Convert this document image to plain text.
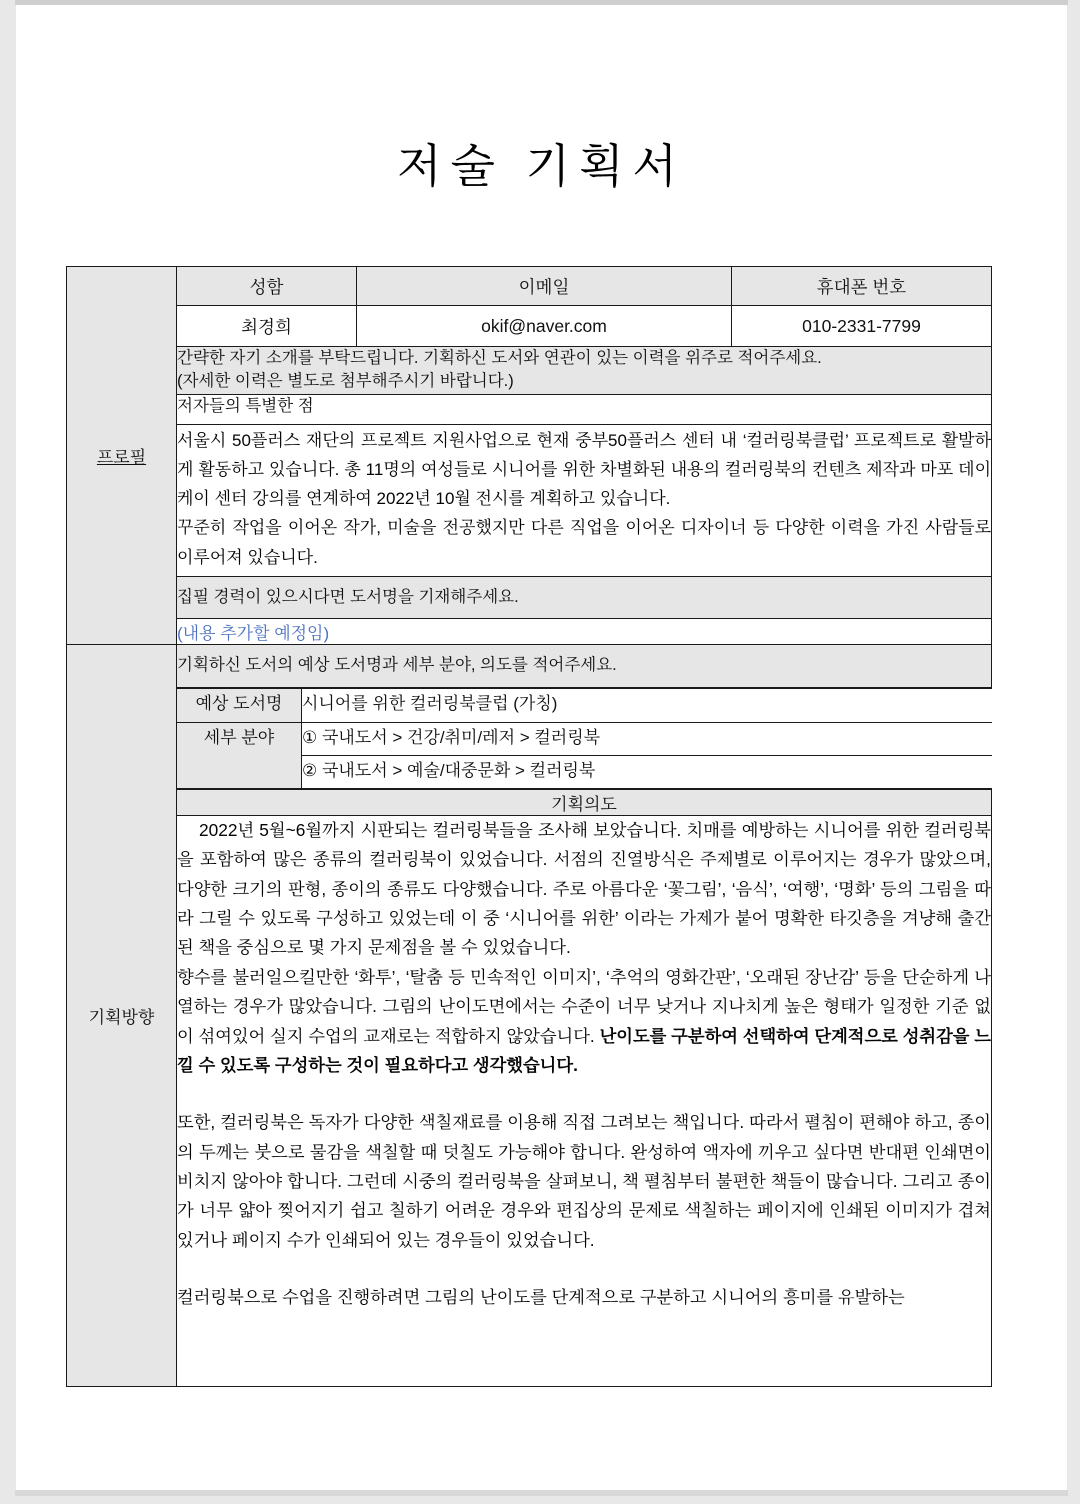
저술 기획서
프로필	성함	이메일	휴대폰 번호
최경희	okif@naver.com	010-2331-7799

간략한 자기 소개를 부탁드립니다. 기획하신 도서와 연관이 있는 이력을 위주로 적어주세요.
(자세한 이력은 별도로 첨부해주시기 바랍니다.)

저자들의 특별한 점

서울시 50플러스 재단의 프로젝트 지원사업으로 현재 중부50플러스 센터 내 ‘컬러링북클럽’ 프로젝트로 활발하게 활동하고 있습니다. 총 11명의 여성들로 시니어를 위한 차별화된 내용의 컬러링북의 컨텐츠 제작과 마포 데이케이 센터 강의를 연계하여 2022년 10월 전시를 계획하고 있습니다.

꾸준히 작업을 이어온 작가, 미술을 전공했지만 다른 직업을 이어온 디자이너 등 다양한 이력을 가진 사람들로 이루어져 있습니다.

집필 경력이 있으시다면 도서명을 기재해주세요.
(내용 추가할 예정임)
기획방향	기획하신 도서의 예상 도서명과 세부 분야, 의도를 적어주세요.

예상 도서명	시니어를 위한 컬러링북클럽 (가칭)
세부 분야	① 국내도서 > 건강/취미/레저 > 컬러링북
② 국내도서 > 예술/대중문화 > 컬러링북

기획의도

2022년 5월~6월까지 시판되는 컬러링북들을 조사해 보았습니다. 치매를 예방하는 시니어를 위한 컬러링북을 포함하여 많은 종류의 컬러링북이 있었습니다. 서점의 진열방식은 주제별로 이루어지는 경우가 많았으며, 다양한 크기의 판형, 종이의 종류도 다양했습니다. 주로 아름다운 ‘꽃그림’, ‘음식’, ‘여행’, ‘명화’ 등의 그림을 따라 그릴 수 있도록 구성하고 있었는데 이 중 ‘시니어를 위한’ 이라는 가제가 붙어 명확한 타깃층을 겨냥해 출간된 책을 중심으로 몇 가지 문제점을 볼 수 있었습니다.

향수를 불러일으킬만한 ‘화투’, ‘탈춤 등 민속적인 이미지’, ‘추억의 영화간판’, ‘오래된 장난감’ 등을 단순하게 나열하는 경우가 많았습니다. 그림의 난이도면에서는 수준이 너무 낮거나 지나치게 높은 형태가 일정한 기준 없이 섞여있어 실지 수업의 교재로는 적합하지 않았습니다. 난이도를 구분하여 선택하여 단계적으로 성취감을 느낄 수 있도록 구성하는 것이 필요하다고 생각했습니다.

또한, 컬러링북은 독자가 다양한 색칠재료를 이용해 직접 그려보는 책입니다. 따라서 펼침이 편해야 하고, 종이의 두께는 붓으로 물감을 색칠할 때 덧칠도 가능해야 합니다. 완성하여 액자에 끼우고 싶다면 반대편 인쇄면이 비치지 않아야 합니다. 그런데 시중의 컬러링북을 살펴보니, 책 펼침부터 불편한 책들이 많습니다. 그리고 종이가 너무 얇아 찢어지기 쉽고 칠하기 어려운 경우와 편집상의 문제로 색칠하는 페이지에 인쇄된 이미지가 겹쳐 있거나 페이지 수가 인쇄되어 있는 경우들이 있었습니다.

컬러링북으로 수업을 진행하려면 그림의 난이도를 단계적으로 구분하고 시니어의 흥미를 유발하는
